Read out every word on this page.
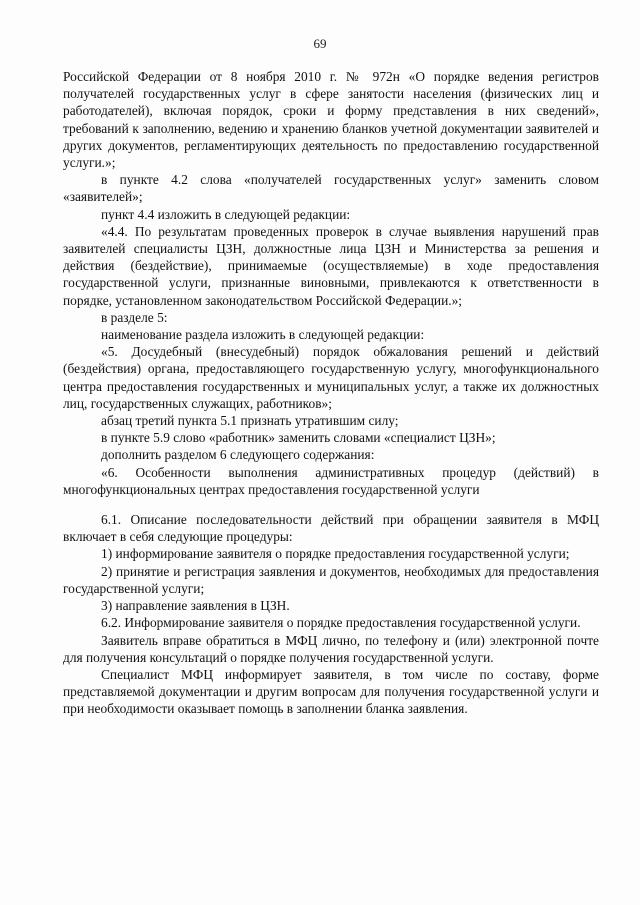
69

Российской Федерации от 8 ноября 2010 г. № 972н «О порядке ведения регистров получателей государственных услуг в сфере занятости населения (физических лиц и работодателей), включая порядок, сроки и форму представления в них сведений», требований к заполнению, ведению и хранению бланков учетной документации заявителей и других документов, регламентирующих деятельность по предоставлению государственной услуги.»;

в пункте 4.2 слова «получателей государственных услуг» заменить словом «заявителей»;

пункт 4.4 изложить в следующей редакции:

«4.4. По результатам проведенных проверок в случае выявления нарушений прав заявителей специалисты ЦЗН, должностные лица ЦЗН и Министерства за решения и действия (бездействие), принимаемые (осуществляемые) в ходе предоставления государственной услуги, признанные виновными, привлекаются к ответственности в порядке, установленном законодательством Российской Федерации.»;

в разделе 5:

наименование раздела изложить в следующей редакции:

«5. Досудебный (внесудебный) порядок обжалования решений и действий (бездействия) органа, предоставляющего государственную услугу, многофункционального центра предоставления государственных и муниципальных услуг, а также их должностных лиц, государственных служащих, работников»;

абзац третий пункта 5.1 признать утратившим силу;

в пункте 5.9 слово «работник» заменить словами «специалист ЦЗН»;

дополнить разделом 6 следующего содержания:

«6. Особенности выполнения административных процедур (действий) в многофункциональных центрах предоставления государственной услуги

6.1. Описание последовательности действий при обращении заявителя в МФЦ включает в себя следующие процедуры:

1) информирование заявителя о порядке предоставления государственной услуги;

2) принятие и регистрация заявления и документов, необходимых для предоставления государственной услуги;

3) направление заявления в ЦЗН.

6.2. Информирование заявителя о порядке предоставления государственной услуги.

Заявитель вправе обратиться в МФЦ лично, по телефону и (или) электронной почте для получения консультаций о порядке получения государственной услуги.

Специалист МФЦ информирует заявителя, в том числе по составу, форме представляемой документации и другим вопросам для получения государственной услуги и при необходимости оказывает помощь в заполнении бланка заявления.
